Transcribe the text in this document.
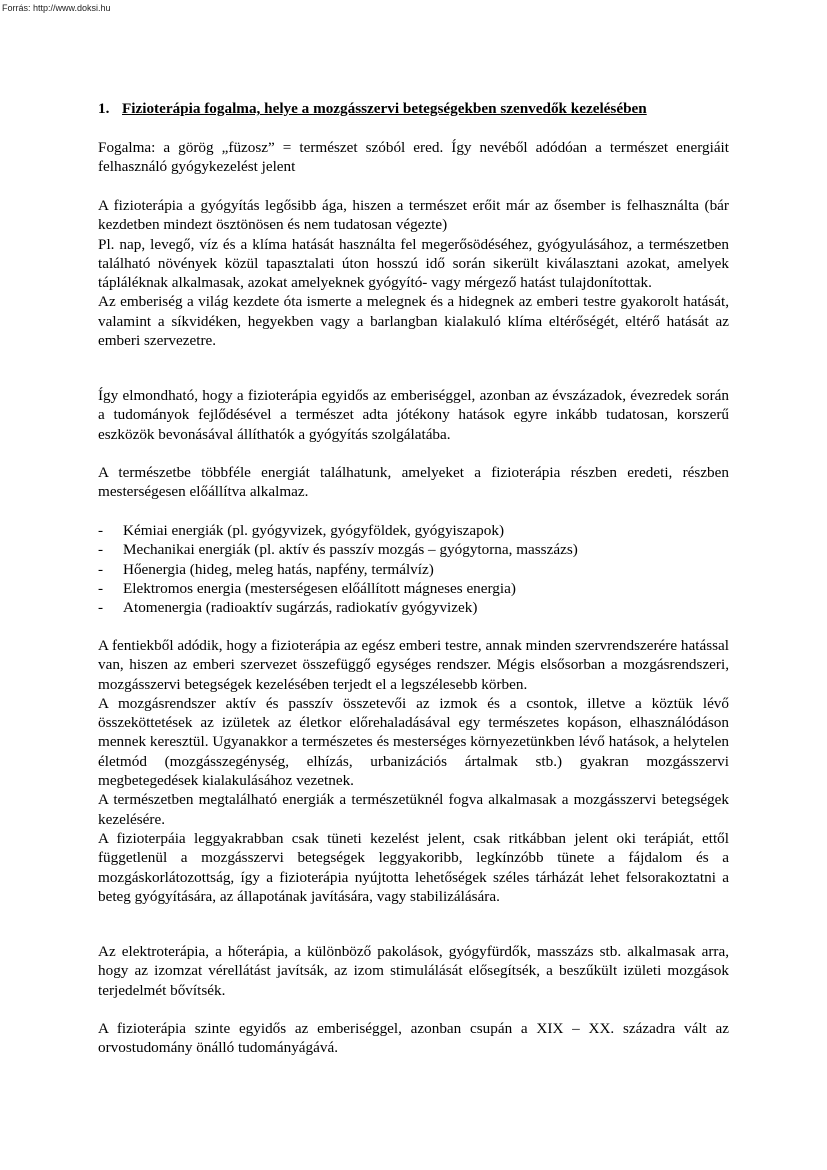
Forrás: http://www.doksi.hu
1. Fizioterápia fogalma, helye a mozgásszervi betegségekben szenvedők kezelésében

Fogalma: a görög „füzosz” = természet szóból ered. Így nevéből adódóan a természet energiáit felhasználó gyógykezelést jelent

A fizioterápia a gyógyítás legősibb ága, hiszen a természet erőit már az ősember is felhasználta (bár kezdetben mindezt ösztönösen és nem tudatosan végezte)

Pl. nap, levegő, víz és a klíma hatását használta fel megerősödéséhez, gyógyulásához, a természetben található növények közül tapasztalati úton hosszú idő során sikerült kiválasztani azokat, amelyek tápláléknak alkalmasak, azokat amelyeknek gyógyító- vagy mérgező hatást tulajdonítottak.

Az emberiség a világ kezdete óta ismerte a melegnek és a hidegnek az emberi testre gyakorolt hatását, valamint a síkvidéken, hegyekben vagy a barlangban kialakuló klíma eltérőségét, eltérő hatását az emberi szervezetre.

Így elmondható, hogy a fizioterápia egyidős az emberiséggel, azonban az évszázadok, évezredek során a tudományok fejlődésével a természet adta jótékony hatások egyre inkább tudatosan, korszerű eszközök bevonásával állíthatók a gyógyítás szolgálatába.

A természetbe többféle energiát találhatunk, amelyeket a fizioterápia részben eredeti, részben mesterségesen előállítva alkalmaz.

- Kémiai energiák (pl. gyógyvizek, gyógyföldek, gyógyiszapok)
- Mechanikai energiák (pl. aktív és passzív mozgás – gyógytorna, masszázs)
- Hőenergia (hideg, meleg hatás, napfény, termálvíz)
- Elektromos energia (mesterségesen előállított mágneses energia)
- Atomenergia (radioaktív sugárzás, radiokatív gyógyvizek)

A fentiekből adódik, hogy a fizioterápia az egész emberi testre, annak minden szervrendszerére hatással van, hiszen az emberi szervezet összefüggő egységes rendszer. Mégis elsősorban a mozgásrendszeri, mozgásszervi betegségek kezelésében terjedt el a legszélesebb körben.

A mozgásrendszer aktív és passzív összetevői az izmok és a csontok, illetve a köztük lévő összeköttetések az izületek az életkor előrehaladásával egy természetes kopáson, elhasználódáson mennek keresztül. Ugyanakkor a természetes és mesterséges környezetünkben lévő hatások, a helytelen életmód (mozgásszegénység, elhízás, urbanizációs ártalmak stb.) gyakran mozgásszervi megbetegedések kialakulásához vezetnek.

A természetben megtalálható energiák a természetüknél fogva alkalmasak a mozgásszervi betegségek kezelésére.

A fizioterpáia leggyakrabban csak tüneti kezelést jelent, csak ritkábban jelent oki terápiát, ettől függetlenül a mozgásszervi betegségek leggyakoribb, legkínzóbb tünete a fájdalom és a mozgáskorlátozottság, így a fizioterápia nyújtotta lehetőségek széles tárházát lehet felsorakoztatni a beteg gyógyítására, az állapotának javítására, vagy stabilizálására.

Az elektroterápia, a hőterápia, a különböző pakolások, gyógyfürdők, masszázs stb. alkalmasak arra, hogy az izomzat vérellátást javítsák, az izom stimulálását elősegítsék, a beszűkült izületi mozgások terjedelmét bővítsék.

A fizioterápia szinte egyidős az emberiséggel, azonban csupán a XIX – XX. századra vált az orvostudomány önálló tudományágává.
